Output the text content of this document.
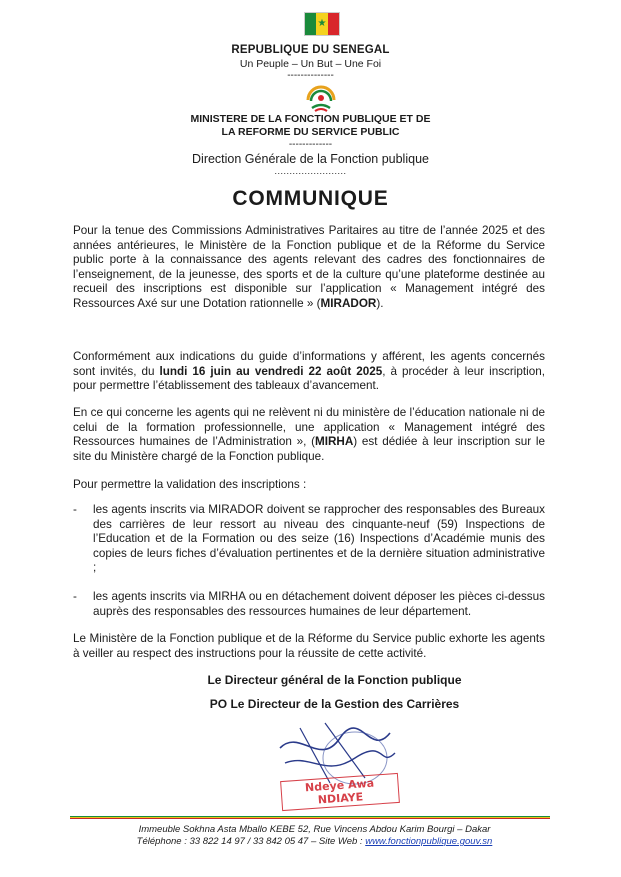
★
REPUBLIQUE DU SENEGAL
Un Peuple – Un But – Une Foi
--------------
MINISTERE DE LA FONCTION PUBLIQUE ET DE
LA REFORME DU SERVICE PUBLIC
-------------
Direction Générale de la Fonction publique
........................
COMMUNIQUE
Pour la tenue des Commissions Administratives Paritaires au titre de l’année 2025 et des années antérieures, le Ministère de la Fonction publique et de la Réforme du Service public porte à la connaissance des agents relevant des cadres des fonctionnaires de l’enseignement, de la jeunesse, des sports et de la culture qu’une plateforme destinée au recueil des inscriptions est disponible sur l’application « Management intégré des Ressources Axé sur une Dotation rationnelle » (MIRADOR).
Conformément aux indications du guide d’informations y afférent, les agents concernés sont invités, du lundi 16 juin au vendredi 22 août 2025, à procéder à leur inscription, pour permettre l’établissement des tableaux d’avancement.
En ce qui concerne les agents qui ne relèvent ni du ministère de l’éducation nationale ni de celui de la formation professionnelle, une application « Management intégré des Ressources humaines de l’Administration », (MIRHA) est dédiée à leur inscription sur le site du Ministère chargé de la Fonction publique.
Pour permettre la validation des inscriptions :
-	les agents inscrits via MIRADOR doivent se rapprocher des responsables des Bureaux des carrières de leur ressort au niveau des cinquante-neuf (59) Inspections de l’Education et de la Formation ou des seize (16) Inspections d’Académie munis des copies de leurs fiches d’évaluation pertinentes et de la dernière situation administrative ;
-	les agents inscrits via MIRHA ou en détachement doivent déposer les pièces ci-dessus auprès des responsables des ressources humaines de leur département.
Le Ministère de la Fonction publique et de la Réforme du Service public exhorte les agents à veiller au respect des instructions pour la réussite de cette activité.
Le Directeur général de la Fonction publique
PO Le Directeur de la Gestion des Carrières
Ndeye Awa NDIAYE
Immeuble Sokhna Asta Mballo KEBE 52, Rue Vincens Abdou Karim Bourgi – Dakar
Téléphone : 33 822 14 97 / 33 842 05 47 – Site Web : www.fonctionpublique.gouv.sn
